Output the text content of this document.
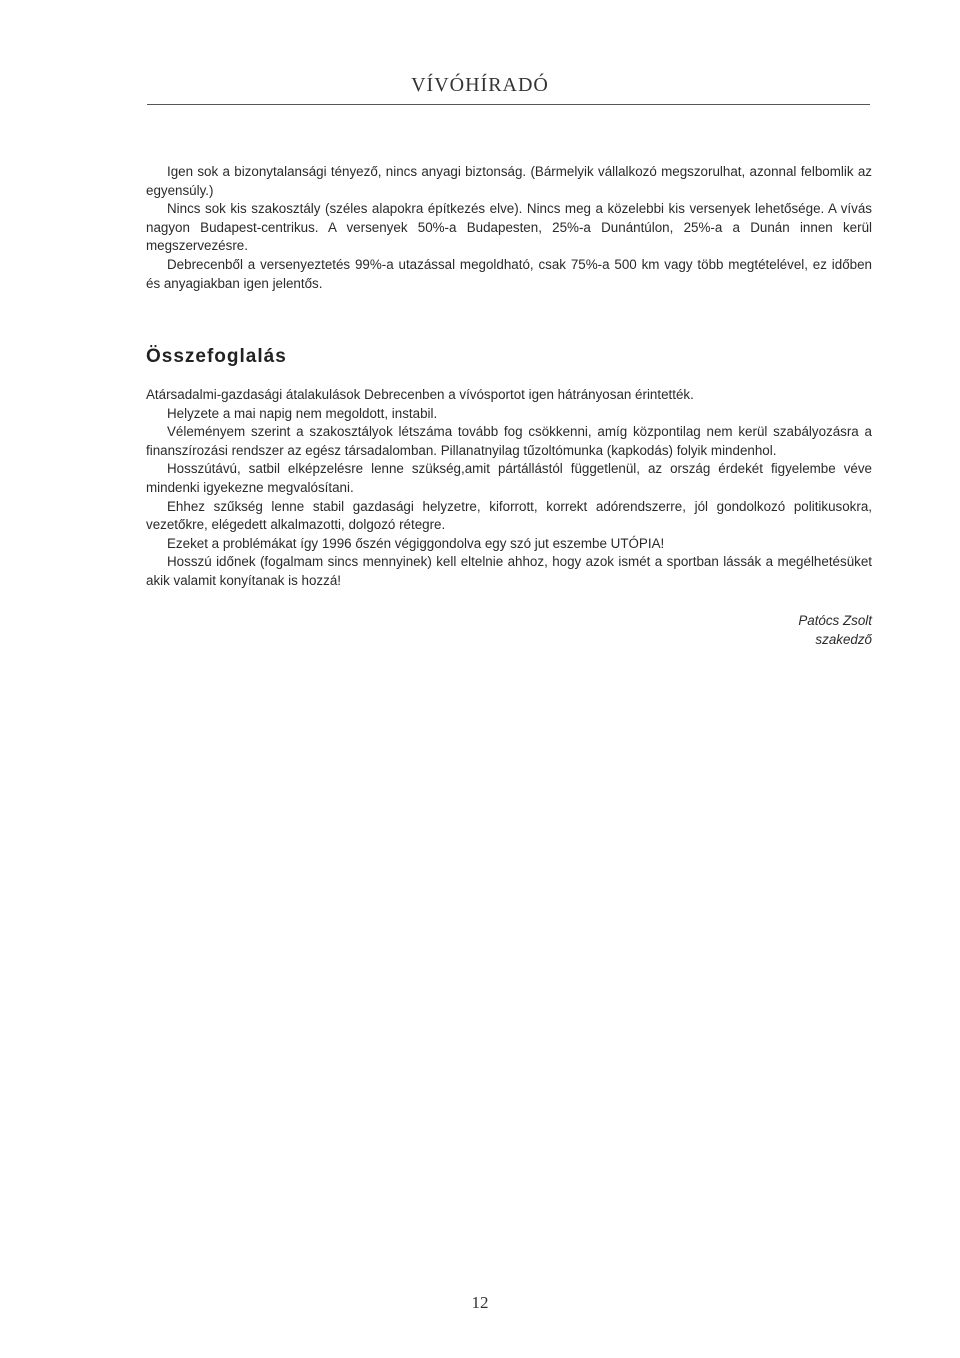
VÍVÓHÍRADÓ

Igen sok a bizonytalansági tényező, nincs anyagi biztonság. (Bármelyik vállalkozó megszorulhat, azonnal felbomlik az egyensúly.)

Nincs sok kis szakosztály (széles alapokra építkezés elve). Nincs meg a közelebbi kis versenyek lehetősége. A vívás nagyon Budapest-centrikus. A versenyek 50%-a Budapesten, 25%-a Dunántúlon, 25%-a a Dunán innen kerül megszervezésre.

Debrecenből a versenyeztetés 99%-a utazással megoldható, csak 75%-a 500 km vagy több megtételével, ez időben és anyagiakban igen jelentős.

Összefoglalás

Atársadalmi-gazdasági átalakulások Debrecenben a vívósportot igen hátrányosan érintették.

Helyzete a mai napig nem megoldott, instabil.

Véleményem szerint a szakosztályok létszáma tovább fog csökkenni, amíg központilag nem kerül szabályozásra a finanszírozási rendszer az egész társadalomban. Pillanatnyilag tűzoltómunka (kapkodás) folyik mindenhol.

Hosszútávú, satbil elképzelésre lenne szükség,amit pártállástól függetlenül, az ország érdekét figyelembe véve mindenki igyekezne megvalósítani.

Ehhez szűkség lenne stabil gazdasági helyzetre, kiforrott, korrekt adórendszerre, jól gondolkozó politikusokra, vezetőkre, elégedett alkalmazotti, dolgozó rétegre.

Ezeket a problémákat így 1996 őszén végiggondolva egy szó jut eszembe UTÓPIA!

Hosszú időnek (fogalmam sincs mennyinek) kell eltelnie ahhoz, hogy azok ismét a sportban lássák a megélhetésüket akik valamit konyítanak is hozzá!

Patócs Zsolt
szakedző
12
